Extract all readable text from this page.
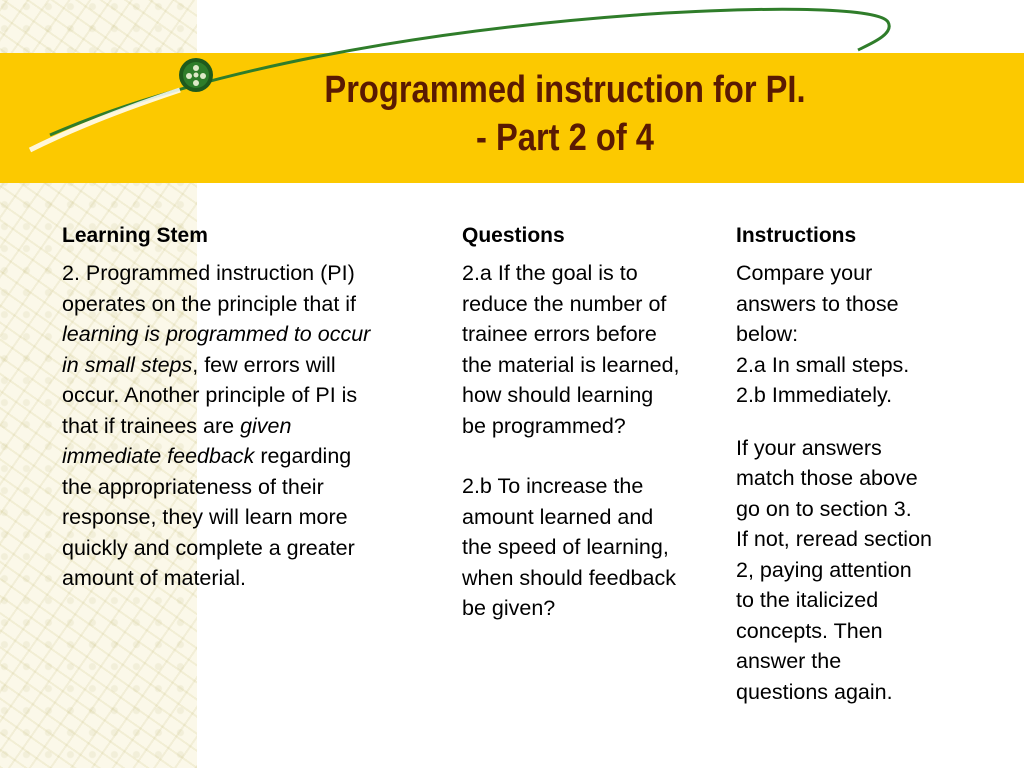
Programmed instruction for PI.
- Part 2 of 4
Learning Stem
2. Programmed instruction (PI)
operates on the principle that if
learning is programmed to occur
in small steps, few errors will
occur. Another principle of PI is
that if trainees are given
immediate feedback regarding
the appropriateness of their
response, they will learn more
quickly and complete a greater
amount of material.
Questions
2.a If the goal is to
reduce the number of
trainee errors before
the material is learned,
how should learning
be programmed?
2.b To increase the
amount learned and
the speed of learning,
when should feedback
be given?
Instructions
Compare your
answers to those
below:
2.a In small steps.
2.b Immediately.
If your answers
match those above
go on to section 3.
If not, reread section
2, paying attention
to the italicized
concepts. Then
answer the
questions again.
